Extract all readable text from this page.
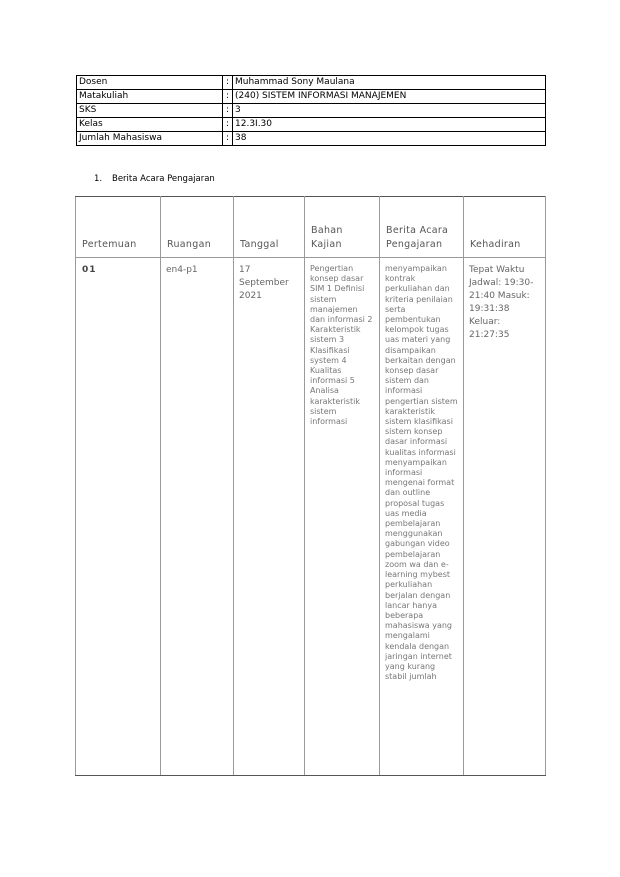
Dosen	:	Muhammad Sony Maulana
Matakuliah	:	(240) SISTEM INFORMASI MANAJEMEN
SKS	:	3
Kelas	:	12.3I.30
Jumlah Mahasiswa	:	38
1. Berita Acara Pengajaran
Pertemuan	Ruangan	Tanggal	Bahan Kajian	Berita Acara Pengajaran	Kehadiran
01	en4-p1	17 September 2021	Pengertian konsep dasar SIM 1 Definisi sistem manajemen dan informasi 2 Karakteristik sistem 3 Klasifikasi system 4 Kualitas informasi 5 Analisa karakteristik sistem informasi	menyampaikan kontrak perkuliahan dan kriteria penilaian serta pembentukan kelompok tugas uas materi yang disampaikan berkaitan dengan konsep dasar sistem dan informasi pengertian sistem karakteristik sistem klasifikasi sistem konsep dasar informasi kualitas informasi menyampaikan informasi mengenai format dan outline proposal tugas uas media pembelajaran menggunakan gabungan video pembelajaran zoom wa dan e-learning mybest perkuliahan berjalan dengan lancar hanya beberapa mahasiswa yang mengalami kendala dengan jaringan internet yang kurang stabil jumlah	Tepat Waktu Jadwal: 19:30-21:40 Masuk: 19:31:38 Keluar: 21:27:35
